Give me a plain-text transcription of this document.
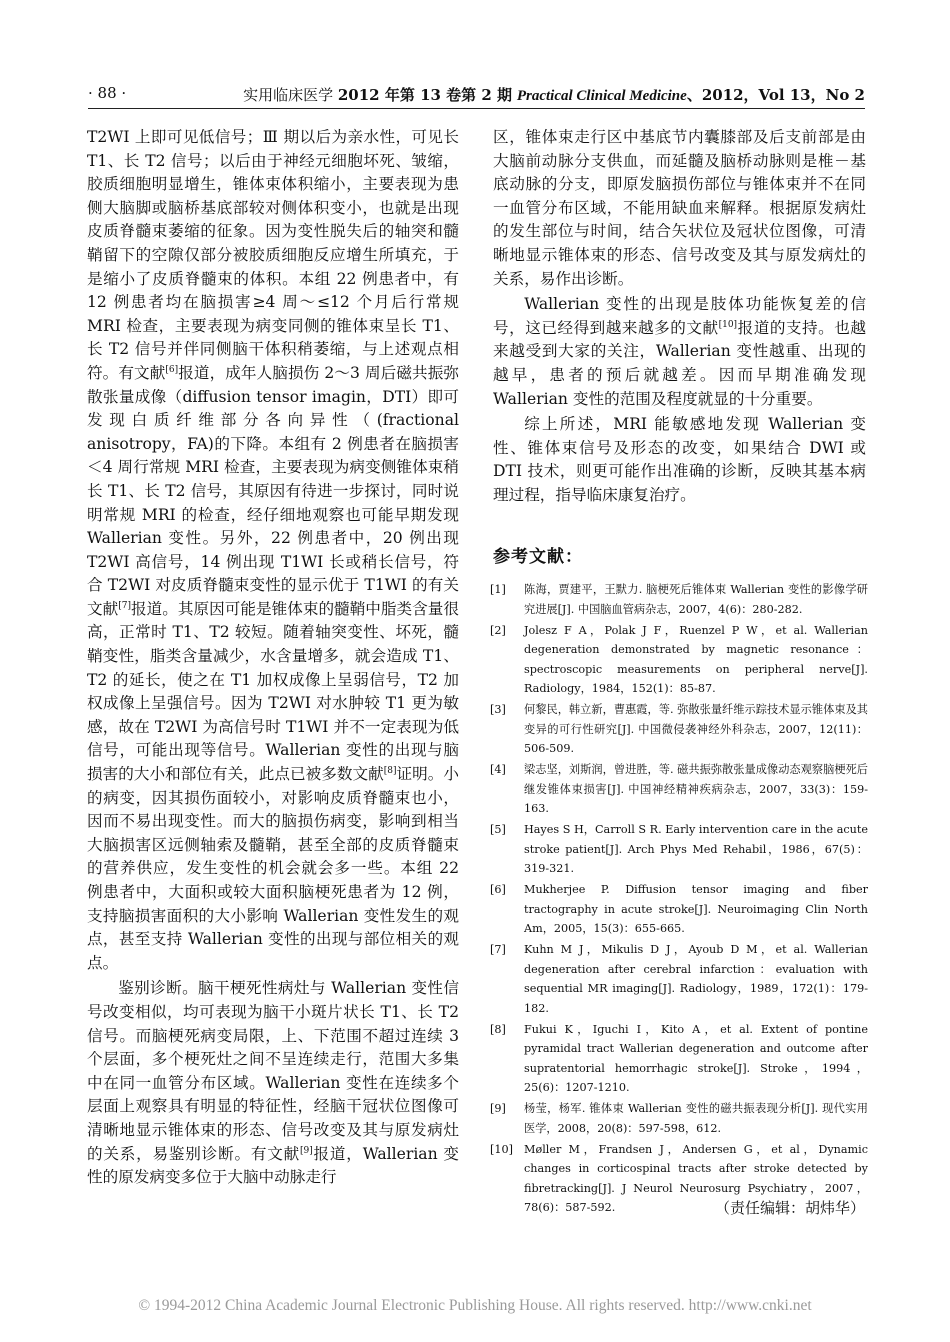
· 88 ·	实用临床医学 2012 年第 13 卷第 2 期 Practical Clinical Medicine、2012，Vol 13，No 2

T2WI 上即可见低信号；Ⅲ 期以后为亲水性，可见长 T1、长 T2 信号；以后由于神经元细胞坏死、皱缩，胶质细胞明显增生，锥体束体积缩小，主要表现为患侧大脑脚或脑桥基底部较对侧体积变小，也就是出现皮质脊髓束萎缩的征象。因为变性脱失后的轴突和髓鞘留下的空隙仅部分被胶质细胞反应增生所填充，于是缩小了皮质脊髓束的体积。本组 22 例患者中，有 12 例患者均在脑损害≥4 周～≤12 个月后行常规 MRI 检查，主要表现为病变同侧的锥体束呈长 T1、长 T2 信号并伴同侧脑干体积稍萎缩，与上述观点相符。有文献[6]报道，成年人脑损伤 2～3 周后磁共振弥散张量成像（diffusion tensor imagin，DTI）即可发现白质纤维部分各向异性（(fractional anisotropy，FA)的下降。本组有 2 例患者在脑损害＜4 周行常规 MRI 检查，主要表现为病变侧锥体束稍长 T1、长 T2 信号，其原因有待进一步探讨，同时说明常规 MRI 的检查，经仔细地观察也可能早期发现 Wallerian 变性。另外，22 例患者中，20 例出现 T2WI 高信号，14 例出现 T1WI 长或稍长信号，符合 T2WI 对皮质脊髓束变性的显示优于 T1WI 的有关文献[7]报道。其原因可能是锥体束的髓鞘中脂类含量很高，正常时 T1、T2 较短。随着轴突变性、坏死，髓鞘变性，脂类含量减少，水含量增多，就会造成 T1、T2 的延长，使之在 T1 加权成像上呈弱信号，T2 加权成像上呈强信号。因为 T2WI 对水肿较 T1 更为敏感，故在 T2WI 为高信号时 T1WI 并不一定表现为低信号，可能出现等信号。Wallerian 变性的出现与脑损害的大小和部位有关，此点已被多数文献[8]证明。小的病变，因其损伤面较小，对影响皮质脊髓束也小，因而不易出现变性。而大的脑损伤病变，影响到相当大脑损害区远侧轴索及髓鞘，甚至全部的皮质脊髓束的营养供应，发生变性的机会就会多一些。本组 22 例患者中，大面积或较大面积脑梗死患者为 12 例，支持脑损害面积的大小影响 Wallerian 变性发生的观点，甚至支持 Wallerian 变性的出现与部位相关的观点。

鉴别诊断。脑干梗死性病灶与 Wallerian 变性信号改变相似，均可表现为脑干小斑片状长 T1、长 T2 信号。而脑梗死病变局限，上、下范围不超过连续 3 个层面，多个梗死灶之间不呈连续走行，范围大多集中在同一血管分布区域。Wallerian 变性在连续多个层面上观察具有明显的特征性，经脑干冠状位图像可清晰地显示锥体束的形态、信号改变及其与原发病灶的关系，易鉴别诊断。有文献[9]报道，Wallerian 变性的原发病变多位于大脑中动脉走行

区，锥体束走行区中基底节内囊膝部及后支前部是由大脑前动脉分支供血，而延髓及脑桥动脉则是椎－基底动脉的分支，即原发脑损伤部位与锥体束并不在同一血管分布区域，不能用缺血来解释。根据原发病灶的发生部位与时间，结合矢状位及冠状位图像，可清晰地显示锥体束的形态、信号改变及其与原发病灶的关系，易作出诊断。

Wallerian 变性的出现是肢体功能恢复差的信号，这已经得到越来越多的文献[10]报道的支持。也越来越受到大家的关注，Wallerian 变性越重、出现的越早，患者的预后就越差。因而早期准确发现 Wallerian 变性的范围及程度就显的十分重要。

综上所述，MRI 能敏感地发现 Wallerian 变性、锥体束信号及形态的改变，如果结合 DWI 或 DTI 技术，则更可能作出准确的诊断，反映其基本病理过程，指导临床康复治疗。

参考文献：
[1]	陈海，贾建平，王默力. 脑梗死后锥体束 Wallerian 变性的影像学研究进展[J]. 中国脑血管病杂志，2007，4(6)：280-282.
[2]	Jolesz F A，Polak J F，Ruenzel P W，et al. Wallerian degeneration demonstrated by magnetic resonance：spectroscopic measurements on peripheral nerve[J]. Radiology，1984，152(1)：85-87.
[3]	何黎民，韩立新，曹惠霞，等. 弥散张量纤维示踪技术显示锥体束及其变异的可行性研究[J]. 中国微侵袭神经外科杂志，2007，12(11)：506-509.
[4]	梁志坚，刘斯润，曾进胜，等. 磁共振弥散张量成像动态观察脑梗死后继发锥体束损害[J]. 中国神经精神疾病杂志，2007，33(3)：159-163.
[5]	Hayes S H，Carroll S R. Early intervention care in the acute stroke patient[J]. Arch Phys Med Rehabil，1986，67(5)：319-321.
[6]	Mukherjee P. Diffusion tensor imaging and fiber tractography in acute stroke[J]. Neuroimaging Clin North Am，2005，15(3)：655-665.
[7]	Kuhn M J，Mikulis D J，Ayoub D M，et al. Wallerian degeneration after cerebral infarction：evaluation with sequential MR imaging[J]. Radiology，1989，172(1)：179-182.
[8]	Fukui K，Iguchi I，Kito A，et al. Extent of pontine pyramidal tract Wallerian degeneration and outcome after supratentorial hemorrhagic stroke[J]. Stroke，1994，25(6)：1207-1210.
[9]	杨莹，杨军. 锥体束 Wallerian 变性的磁共振表现分析[J]. 现代实用医学，2008，20(8)：597-598，612.
[10] Møller M，Frandsen J，Andersen G，et al，Dynamic changes in corticospinal tracts after stroke detected by fibretracking[J]. J Neurol Neurosurg Psychiatry，2007，78(6)：587-592.	（责任编辑：胡炜华）
© 1994-2012 China Academic Journal Electronic Publishing House. All rights reserved. http://www.cnki.net
